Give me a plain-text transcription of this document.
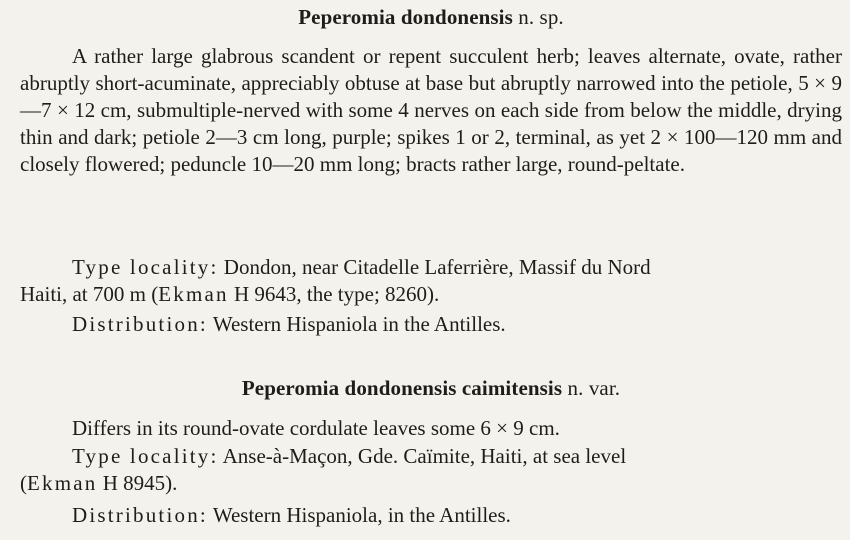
Peperomia dondonensis n. sp.

A rather large glabrous scandent or repent succulent herb; leaves alternate, ovate, rather abruptly short-acuminate, appreciably obtuse at base but abruptly narrowed into the petiole, 5 × 9—7 × 12 cm, submultiple-nerved with some 4 nerves on each side from below the middle, drying thin and dark; petiole 2—3 cm long, purple; spikes 1 or 2, terminal, as yet 2 × 100—120 mm and closely flowered; peduncle 10—20 mm long; bracts rather large, round-peltate.

Type locality: Dondon, near Citadelle Laferrière, Massif du Nord
Haiti, at 700 m (Ekman H 9643, the type; 8260).
Distribution: Western Hispaniola in the Antilles.
Peperomia dondonensis caimitensis n. var.
Differs in its round-ovate cordulate leaves some 6 × 9 cm.
Type locality: Anse-à-Maçon, Gde. Caïmite, Haiti, at sea level
(Ekman H 8945).
Distribution: Western Hispaniola, in the Antilles.
